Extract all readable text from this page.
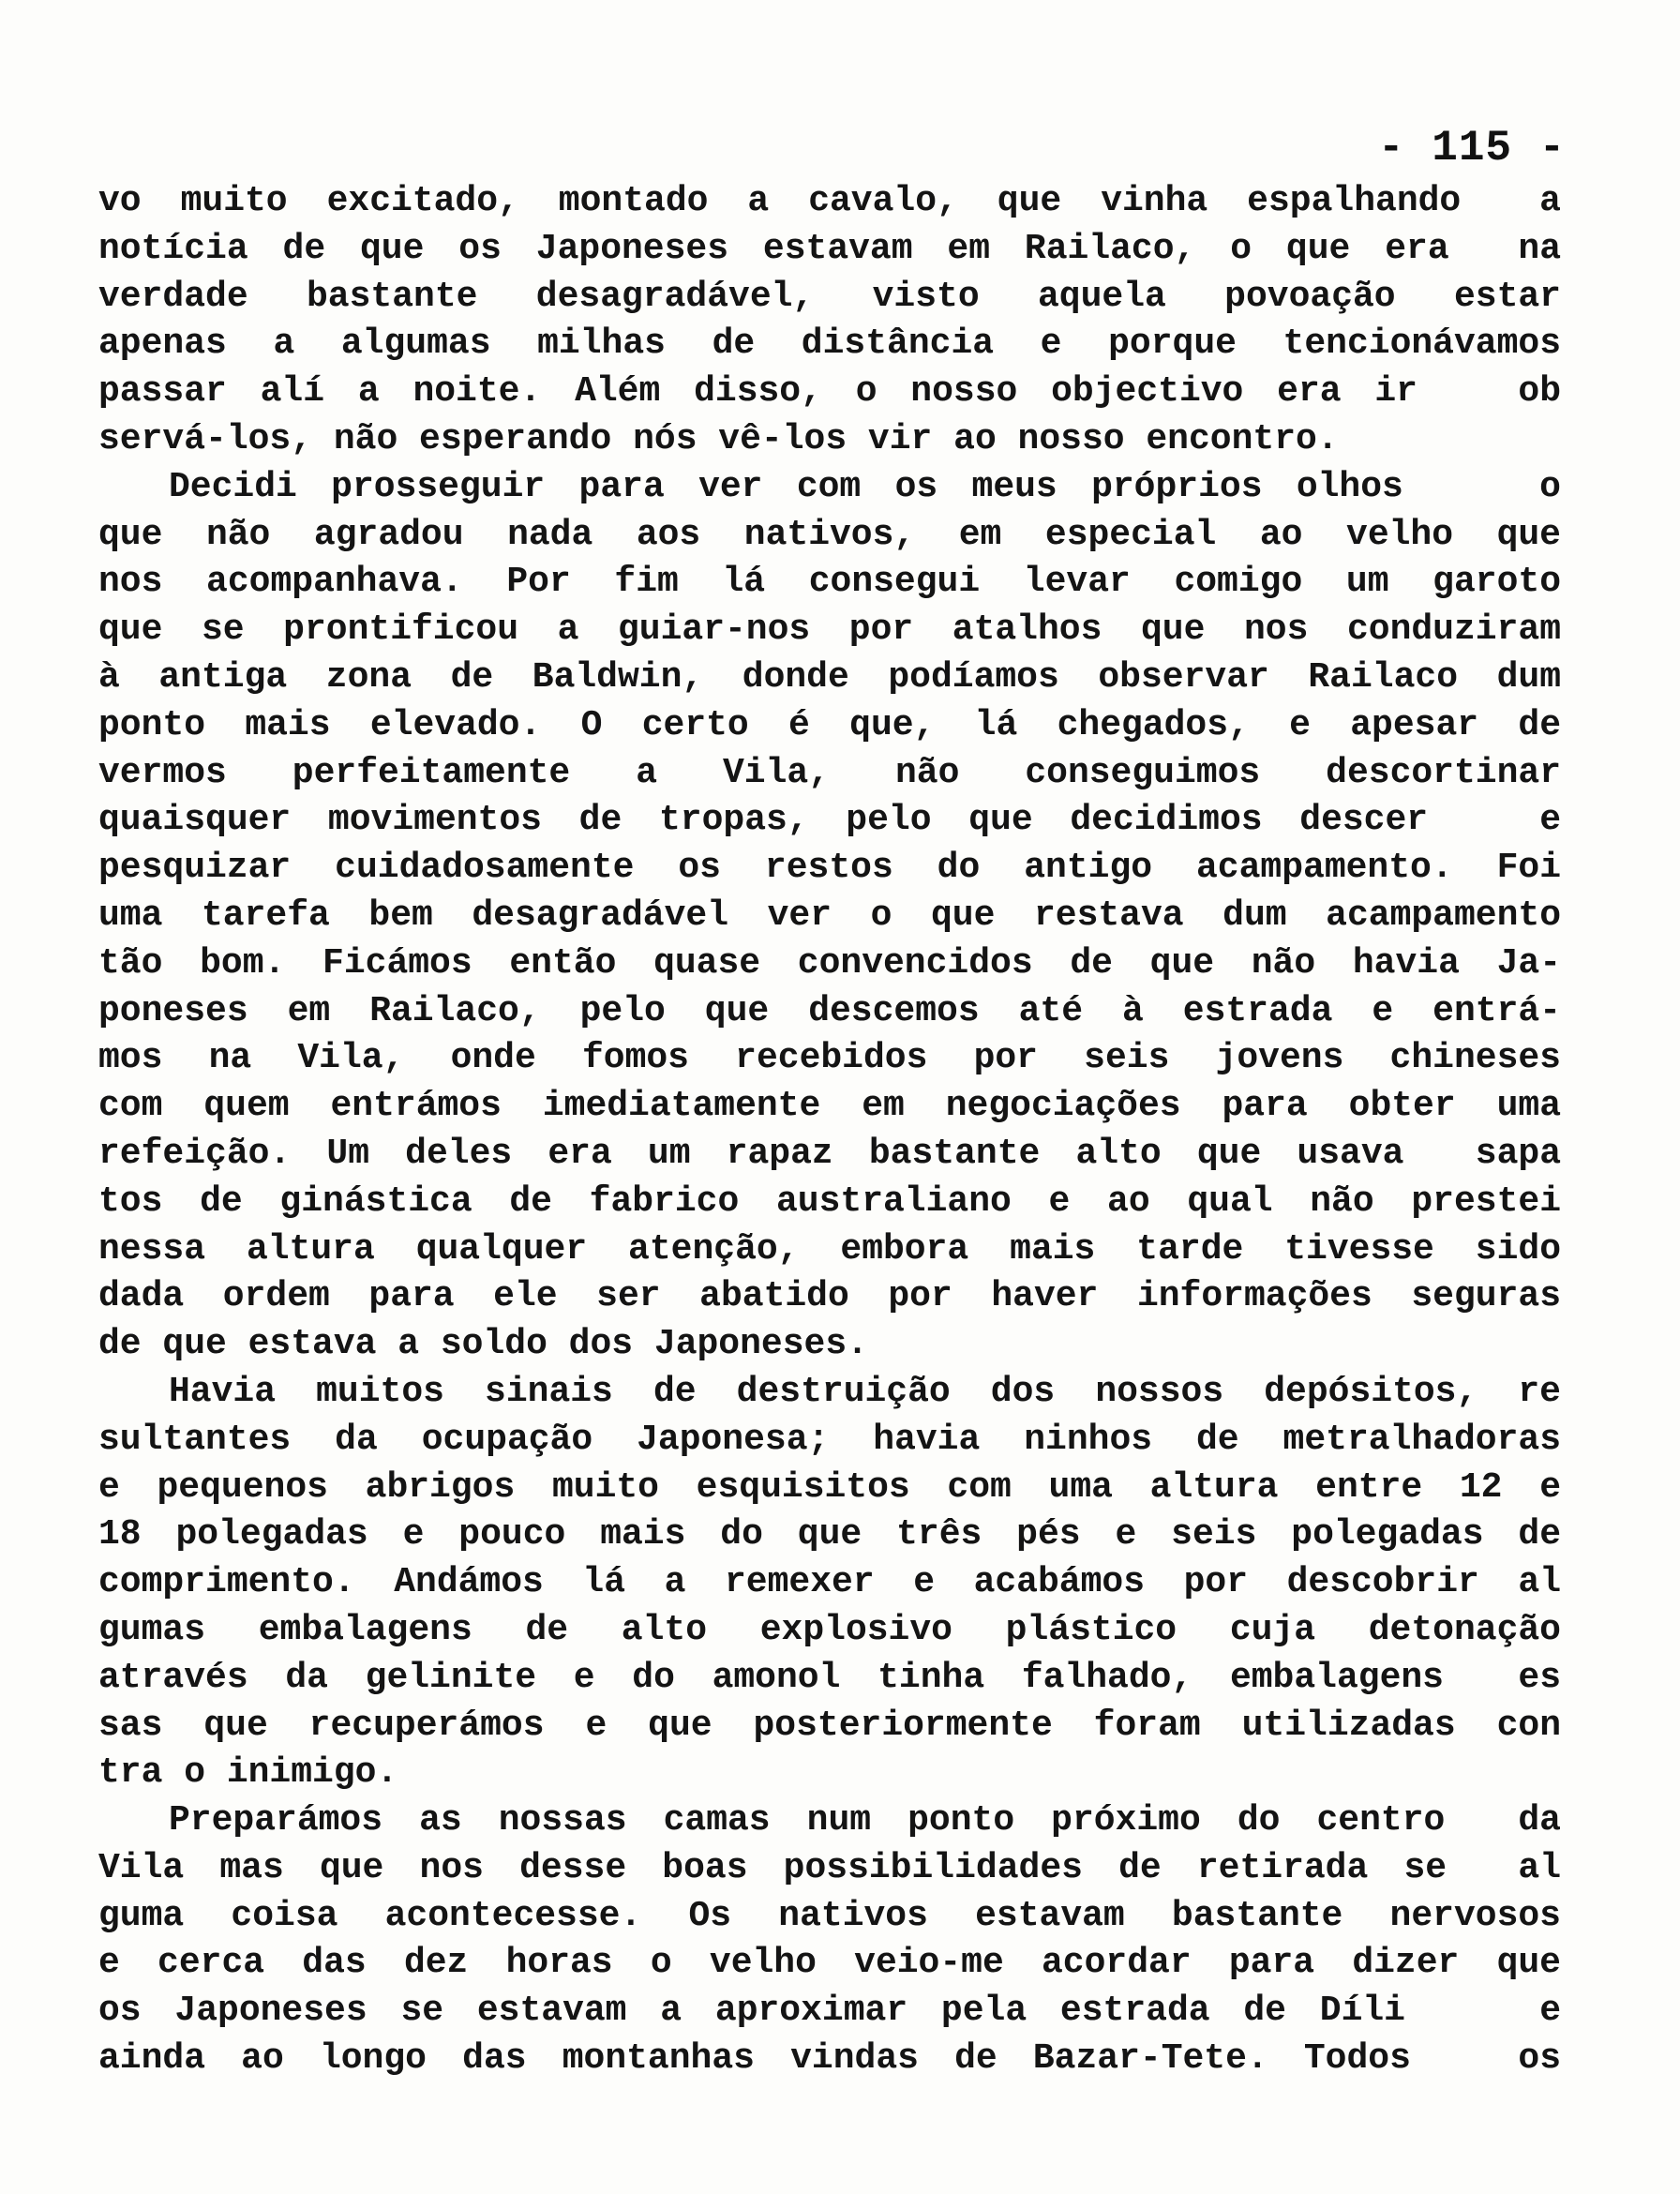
- 115 -
vo muito excitado, montado a cavalo, que vinha espalhando  a
notícia de que os Japoneses estavam em Railaco, o que era  na
verdade bastante desagradável, visto aquela povoação estar
apenas a algumas milhas de distância e porque tencionávamos
passar alí a noite. Além disso, o nosso objectivo era ir   ob
servá-los, não esperando nós vê-los vir ao nosso encontro.
Decidi prosseguir para ver com os meus próprios olhos    o
que não agradou nada aos nativos, em especial ao velho que
nos acompanhava. Por fim lá consegui levar comigo um garoto
que se prontificou a guiar-nos por atalhos que nos conduziram
à antiga zona de Baldwin, donde podíamos observar Railaco dum
ponto mais elevado. O certo é que, lá chegados, e apesar de
vermos perfeitamente a Vila, não conseguimos descortinar
quaisquer movimentos de tropas, pelo que decidimos descer   e
pesquizar cuidadosamente os restos do antigo acampamento. Foi
uma tarefa bem desagradável ver o que restava dum acampamento
tão bom. Ficámos então quase convencidos de que não havia Ja-
poneses em Railaco, pelo que descemos até à estrada e entrá-
mos na Vila, onde fomos recebidos por seis jovens chineses
com quem entrámos imediatamente em negociações para obter uma
refeição. Um deles era um rapaz bastante alto que usava  sapa
tos de ginástica de fabrico australiano e ao qual não prestei
nessa altura qualquer atenção, embora mais tarde tivesse sido
dada ordem para ele ser abatido por haver informações seguras
de que estava a soldo dos Japoneses.
Havia muitos sinais de destruição dos nossos depósitos, re
sultantes da ocupação Japonesa; havia ninhos de metralhadoras
e pequenos abrigos muito esquisitos com uma altura entre 12 e
18 polegadas e pouco mais do que três pés e seis polegadas de
comprimento. Andámos lá a remexer e acabámos por descobrir al
gumas embalagens de alto explosivo plástico cuja detonação
através da gelinite e do amonol tinha falhado, embalagens  es
sas que recuperámos e que posteriormente foram utilizadas con
tra o inimigo.
Preparámos as nossas camas num ponto próximo do centro  da
Vila mas que nos desse boas possibilidades de retirada se  al
guma coisa acontecesse. Os nativos estavam bastante nervosos
e cerca das dez horas o velho veio-me acordar para dizer que
os Japoneses se estavam a aproximar pela estrada de Díli    e
ainda ao longo das montanhas vindas de Bazar-Tete. Todos   os
